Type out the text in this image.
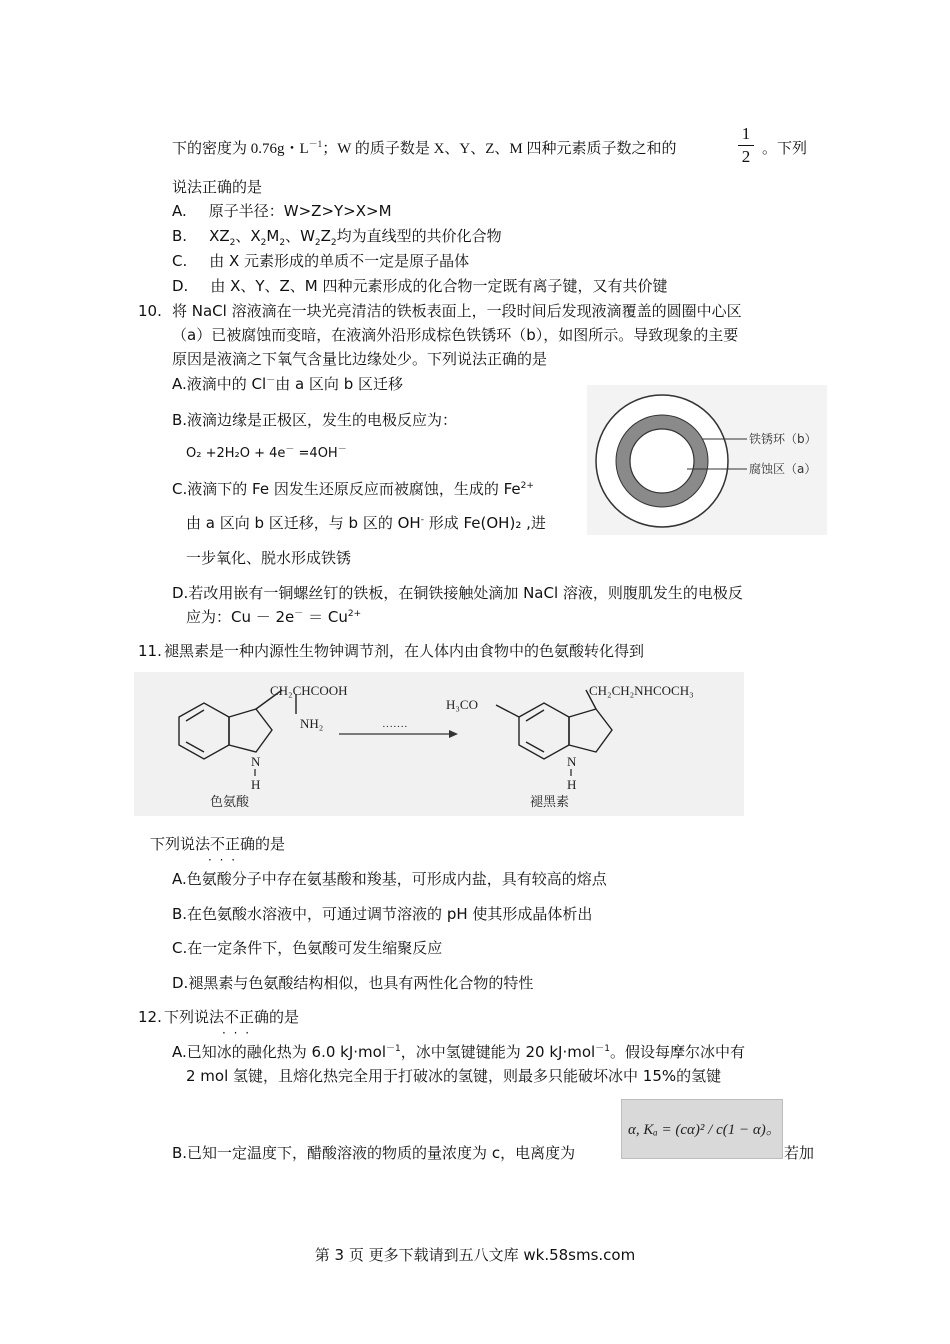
下的密度为 0.76g・$L^{-1}$；W 的质子数是 X、Y、Z、M 四种元素质子数之和的
1
2 。下列
说法正确的是
A. 原子半径：W>Z>Y>X>M
B. $XZ_2$、$X_2M_2$、$W_2Z_2$均为直线型的共价化合物
C. 由 X 元素形成的单质不一定是原子晶体
D. 由 X、Y、Z、M 四种元素形成的化合物一定既有离子键，又有共价键
10. 将 NaCl 溶液滴在一块光亮清洁的铁板表面上，一段时间后发现液滴覆盖的圆圈中心区
（a）已被腐蚀而变暗，在液滴外沿形成棕色铁锈环（b），如图所示。导致现象的主要
原因是液滴之下氧气含量比边缘处少。下列说法正确的是
A.液滴中的 Cl－由 a 区向 b 区迁移
B.液滴边缘是正极区，发生的电极反应为：
O₂ +2H₂O + 4e－ =4OH－
C.液滴下的 Fe 因发生还原反应而被腐蚀，生成的 $Fe^{2+}$
由 a 区向 b 区迁移，与 b 区的 OH- 形成 Fe(OH)₂ ,进
一步氧化、脱水形成铁锈
D.若改用嵌有一铜螺丝钉的铁板，在铜铁接触处滴加 NaCl 溶液，则腹肌发生的电极反
应为：$Cu - 2e^- = Cu^{2+}$
铁锈环（b）
腐蚀区（a）
11. 褪黑素是一种内源性生物钟调节剂，在人体内由食物中的色氨酸转化得到
CH₂CHCOOH
NH₂
N
H
色氨酸
·······
H₃CO
CH₂CH₂NHCOCH₃
N
H
褪黑素
下列说法不正确 · · ·的是
A.色氨酸分子中存在氨基酸和羧基，可形成内盐，具有较高的熔点
B.在色氨酸水溶液中，可通过调节溶液的 pH 使其形成晶体析出
C.在一定条件下，色氨酸可发生缩聚反应
D.褪黑素与色氨酸结构相似，也具有两性化合物的特性
12. 下列说法不正确 · · ·的是
A.已知冰的融化热为 6.0 kJ·mol$^{-1}$，冰中氢键键能为 20 kJ·mol$^{-1}$。假设每摩尔冰中有
2 mol 氢键，且熔化热完全用于打破冰的氢键，则最多只能破坏冰中 15%的氢键
B.已知一定温度下，醋酸溶液的物质的量浓度为 c，电离度为
α, Kₐ = (cα)² / c(1 − α)。
若加
第 3 页 更多下载请到五八文库 wk.58sms.com
